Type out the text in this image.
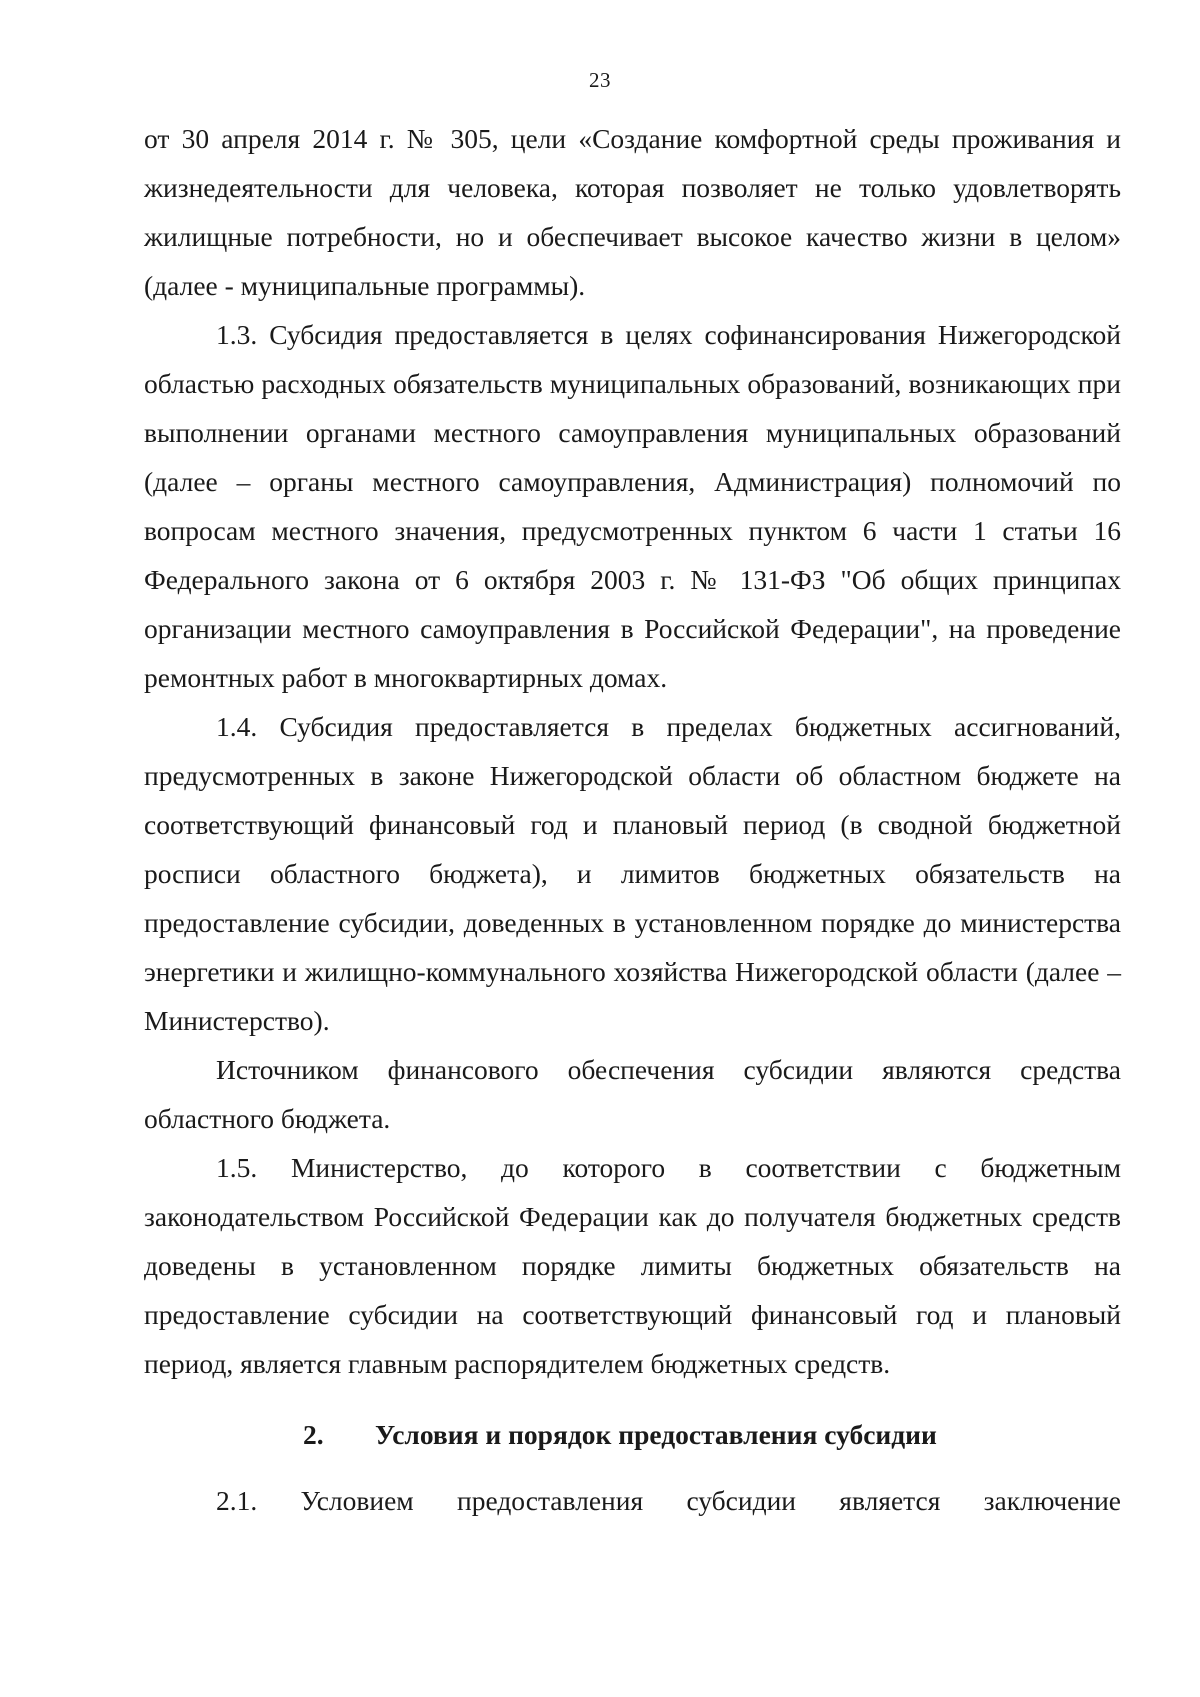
23

от 30 апреля 2014 г. № 305, цели «Создание комфортной среды проживания и жизнедеятельности для человека, которая позволяет не только удовлетворять жилищные потребности, но и обеспечивает высокое качество жизни в целом» (далее - муниципальные программы).

1.3. Субсидия предоставляется в целях софинансирования Нижегородской областью расходных обязательств муниципальных образований, возникающих при выполнении органами местного самоуправления муниципальных образований (далее – органы местного самоуправления, Администрация) полномочий по вопросам местного значения, предусмотренных пунктом 6 части 1 статьи 16 Федерального закона от 6 октября 2003 г. № 131-ФЗ "Об общих принципах организации местного самоуправления в Российской Федерации", на проведение ремонтных работ в многоквартирных домах.

1.4. Субсидия предоставляется в пределах бюджетных ассигнований, предусмотренных в законе Нижегородской области об областном бюджете на соответствующий финансовый год и плановый период (в сводной бюджетной росписи областного бюджета), и лимитов бюджетных обязательств на предоставление субсидии, доведенных в установленном порядке до министерства энергетики и жилищно-коммунального хозяйства Нижегородской области (далее – Министерство).

Источником финансового обеспечения субсидии являются средства областного бюджета.

1.5. Министерство, до которого в соответствии с бюджетным законодательством Российской Федерации как до получателя бюджетных средств доведены в установленном порядке лимиты бюджетных обязательств на предоставление субсидии на соответствующий финансовый год и плановый период, является главным распорядителем бюджетных средств.

2. Условия и порядок предоставления субсидии

2.1. Условием предоставления субсидии является заключение
